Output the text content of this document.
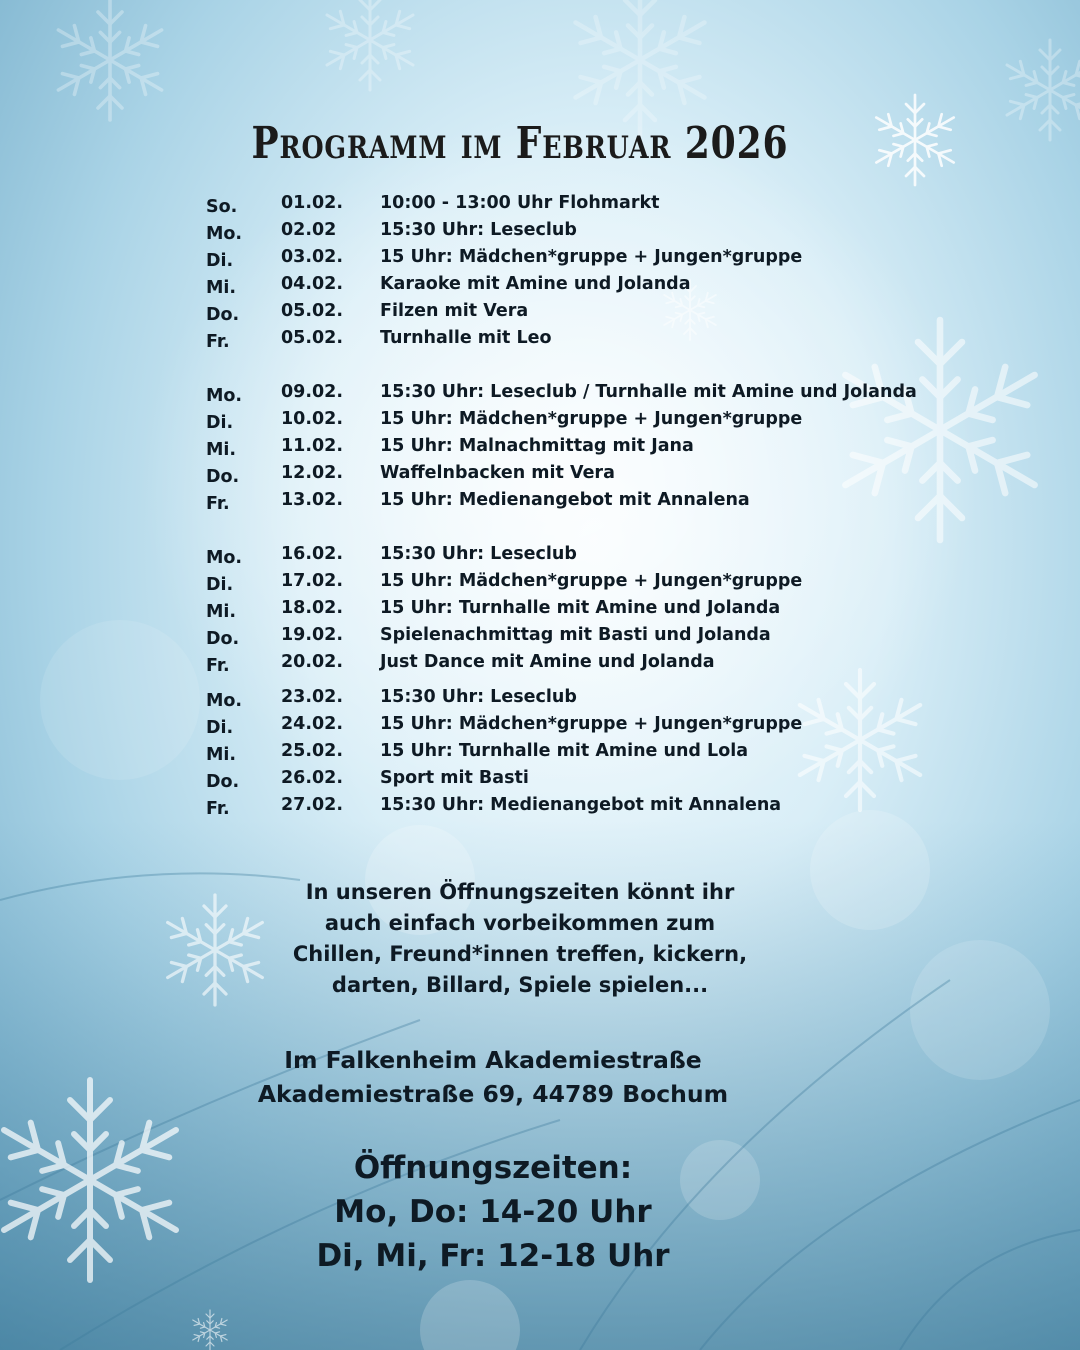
Programm im Februar 2026
So.	01.02.	10:00 - 13:00 Uhr Flohmarkt
Mo.	02.02	15:30 Uhr: Leseclub
Di.	03.02.	15 Uhr: Mädchen*gruppe + Jungen*gruppe
Mi.	04.02.	Karaoke mit Amine und Jolanda
Do.	05.02.	Filzen mit Vera
Fr.	05.02.	Turnhalle mit Leo
Mo.	09.02.	15:30 Uhr: Leseclub / Turnhalle mit Amine und Jolanda
Di.	10.02.	15 Uhr: Mädchen*gruppe + Jungen*gruppe
Mi.	11.02.	15 Uhr: Malnachmittag mit Jana
Do.	12.02.	Waffelnbacken mit Vera
Fr.	13.02.	15 Uhr: Medienangebot mit Annalena
Mo.	16.02.	15:30 Uhr: Leseclub
Di.	17.02.	15 Uhr: Mädchen*gruppe + Jungen*gruppe
Mi.	18.02.	15 Uhr: Turnhalle mit Amine und Jolanda
Do.	19.02.	Spielenachmittag mit Basti und Jolanda
Fr.	20.02.	Just Dance mit Amine und Jolanda
Mo.	23.02.	15:30 Uhr: Leseclub
Di.	24.02.	15 Uhr: Mädchen*gruppe + Jungen*gruppe
Mi.	25.02.	15 Uhr: Turnhalle mit Amine und Lola
Do.	26.02.	Sport mit Basti
Fr.	27.02.	15:30 Uhr: Medienangebot mit Annalena

In unseren Öffnungszeiten könnt ihr

auch einfach vorbeikommen zum

Chillen, Freund*innen treffen, kickern,

darten, Billard, Spiele spielen...

Im Falkenheim Akademiestraße

Akademiestraße 69, 44789 Bochum

Öffnungszeiten:

Mo, Do: 14-20 Uhr

Di, Mi, Fr: 12-18 Uhr
